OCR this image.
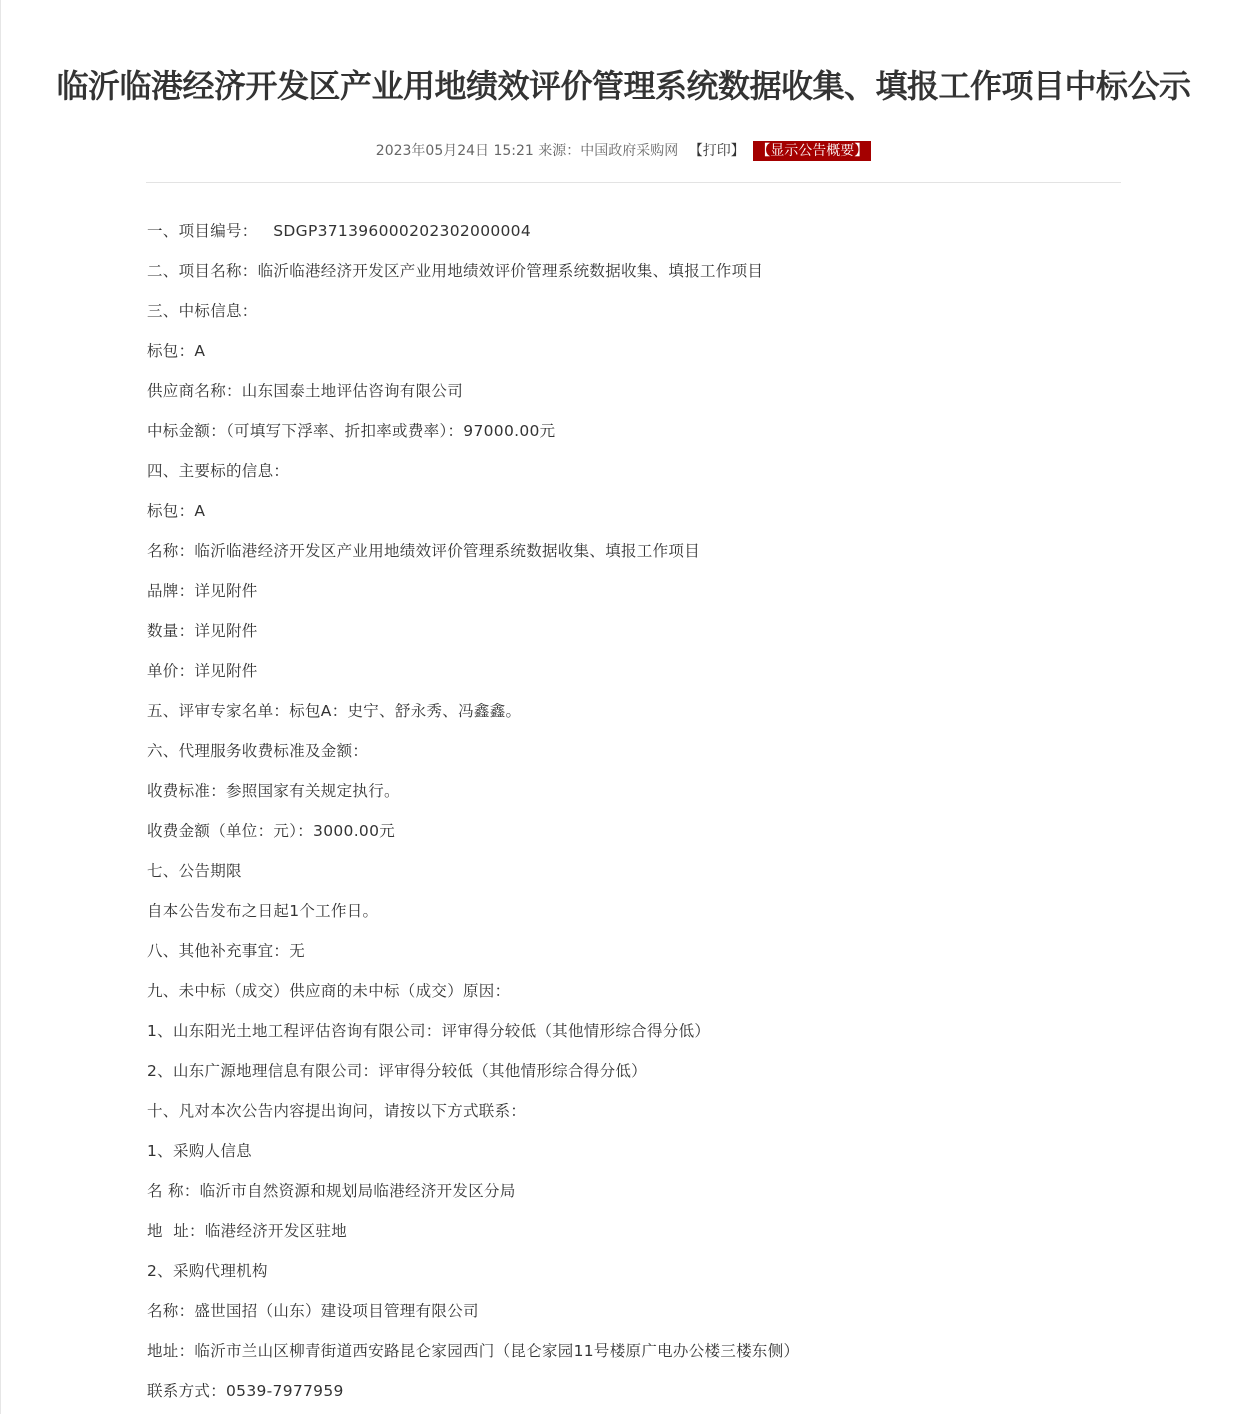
临沂临港经济开发区产业用地绩效评价管理系统数据收集、填报工作项目中标公示
2023年05月24日 15:21 来源：中国政府采购网 【打印】 【显示公告概要】
一、项目编号：   SDGP371396000202302000004
二、项目名称：临沂临港经济开发区产业用地绩效评价管理系统数据收集、填报工作项目
三、中标信息：
标包：A
供应商名称：山东国泰土地评估咨询有限公司
中标金额：（可填写下浮率、折扣率或费率）：97000.00元
四、主要标的信息：
标包：A
名称：临沂临港经济开发区产业用地绩效评价管理系统数据收集、填报工作项目
品牌：详见附件
数量：详见附件
单价：详见附件
五、评审专家名单：标包A：史宁、舒永秀、冯鑫鑫。
六、代理服务收费标准及金额：
收费标准：参照国家有关规定执行。
收费金额（单位：元）：3000.00元
七、公告期限
自本公告发布之日起1个工作日。
八、其他补充事宜：无
九、未中标（成交）供应商的未中标（成交）原因：
1、山东阳光土地工程评估咨询有限公司：评审得分较低（其他情形综合得分低）
2、山东广源地理信息有限公司：评审得分较低（其他情形综合得分低）
十、凡对本次公告内容提出询问，请按以下方式联系：
1、采购人信息
名 称：临沂市自然资源和规划局临港经济开发区分局
地  址：临港经济开发区驻地
2、采购代理机构
名称：盛世国招（山东）建设项目管理有限公司
地址：临沂市兰山区柳青街道西安路昆仑家园西门（昆仑家园11号楼原广电办公楼三楼东侧）
联系方式：0539-7977959
